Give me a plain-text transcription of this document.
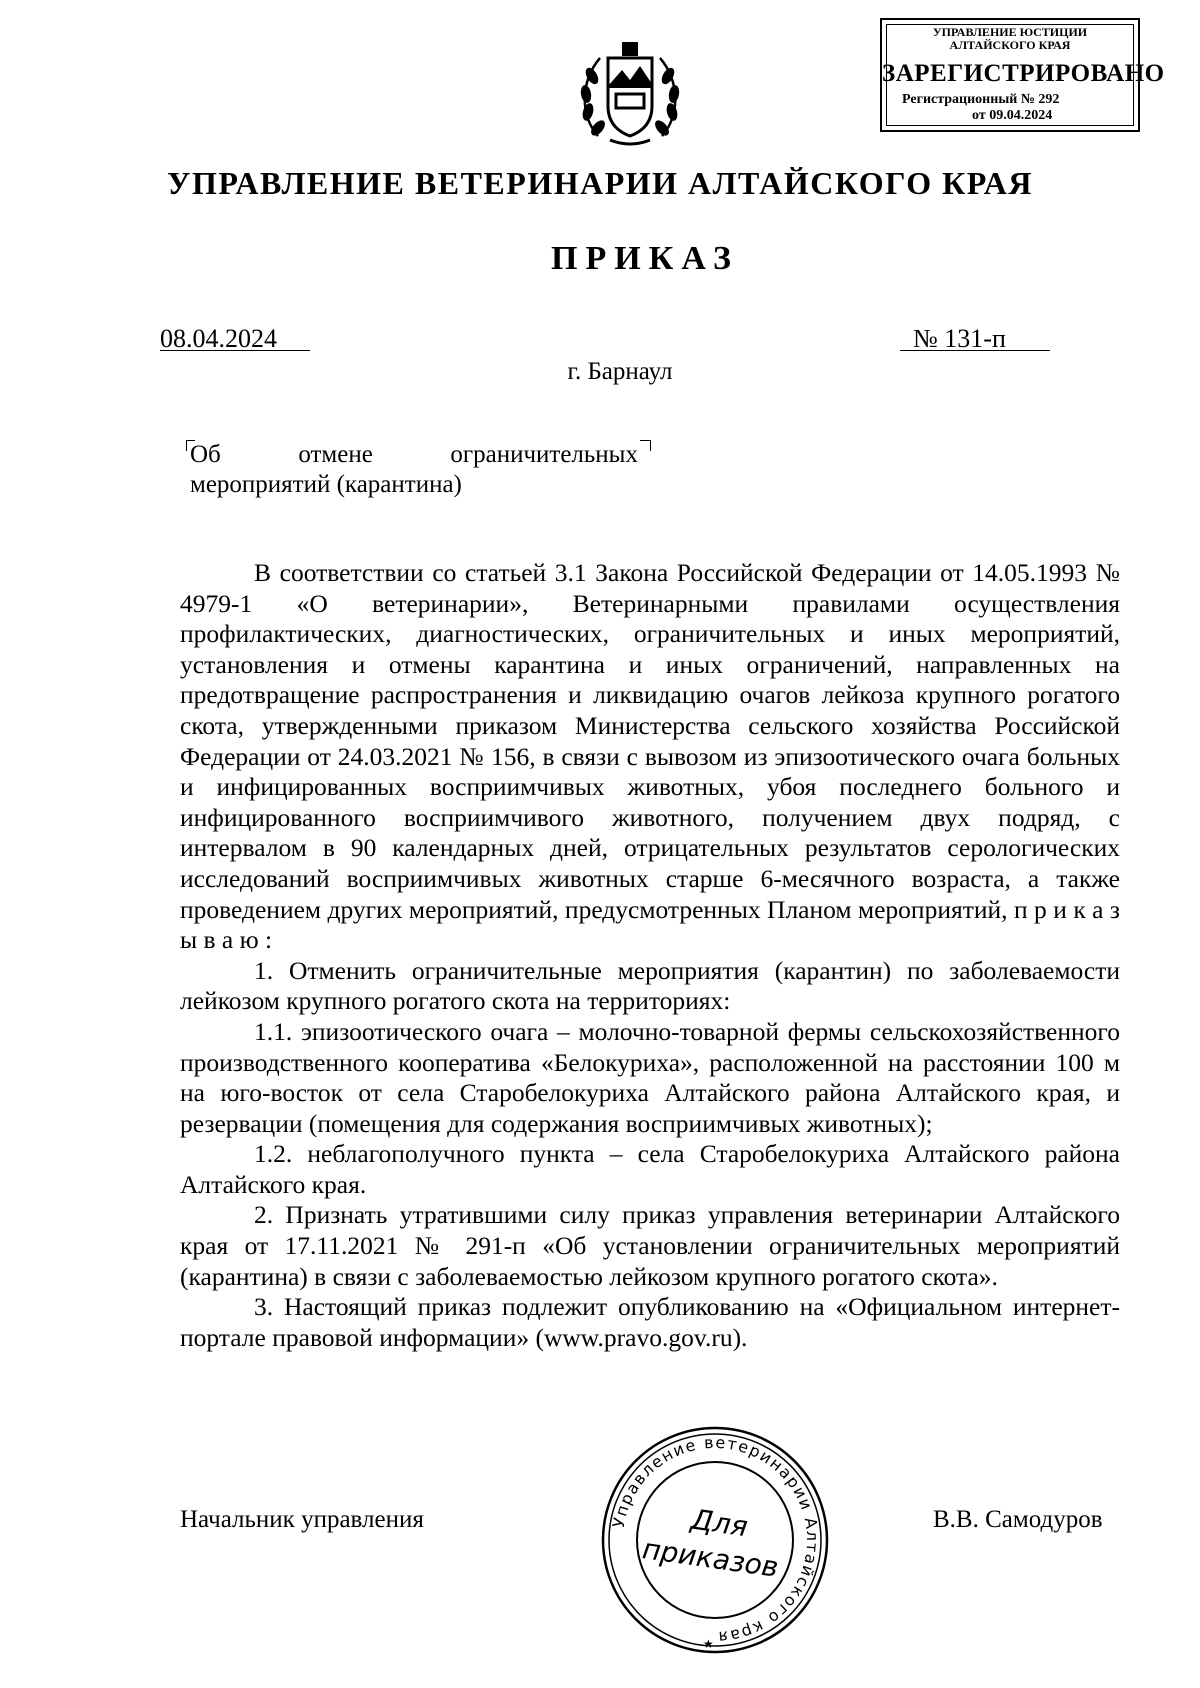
УПРАВЛЕНИЕ ЮСТИЦИИ
АЛТАЙСКОГО КРАЯ
ЗАРЕГИСТРИРОВАНО
Регистрационный № 292
от 09.04.2024
УПРАВЛЕНИЕ ВЕТЕРИНАРИИ АЛТАЙСКОГО КРАЯ
ПРИКАЗ
08.04.2024	№ 131-п
г. Барнаул
Об	отмене	ограничительных
мероприятий (карантина)

В соответствии со статьей 3.1 Закона Российской Федерации от 14.05.1993 № 4979-1 «О ветеринарии», Ветеринарными правилами осуществления профилактических, диагностических, ограничительных и иных мероприятий, установления и отмены карантина и иных ограничений, направленных на предотвращение распространения и ликвидацию очагов лейкоза крупного рогатого скота, утвержденными приказом Министерства сельского хозяйства Российской Федерации от 24.03.2021 № 156, в связи с вывозом из эпизоотического очага больных и инфицированных восприимчивых животных, убоя последнего больного и инфицированного восприимчивого животного, получением двух подряд, с интервалом в 90 календарных дней, отрицательных результатов серологических исследований восприимчивых животных старше 6-месячного возраста, а также проведением других мероприятий, предусмотренных Планом мероприятий, п р и к а з ы в а ю :

1. Отменить ограничительные мероприятия (карантин) по заболеваемости лейкозом крупного рогатого скота на территориях:

1.1. эпизоотического очага – молочно-товарной фермы сельскохозяйственного производственного кооператива «Белокуриха», расположенной на расстоянии 100 м на юго-восток от села Старобелокуриха Алтайского района Алтайского края, и резервации (помещения для содержания восприимчивых животных);

1.2. неблагополучного пункта – села Старобелокуриха Алтайского района Алтайского края.

2. Признать утратившими силу приказ управления ветеринарии Алтайского края от 17.11.2021 № 291-п «Об установлении ограничительных мероприятий (карантина) в связи с заболеваемостью лейкозом крупного рогатого скота».

3. Настоящий приказ подлежит опубликованию на «Официальном интернет-портале правовой информации» (www.pravo.gov.ru).

Управление ветеринарии Алтайского края
Для
приказов
★
Начальник управления	В.В. Самодуров
